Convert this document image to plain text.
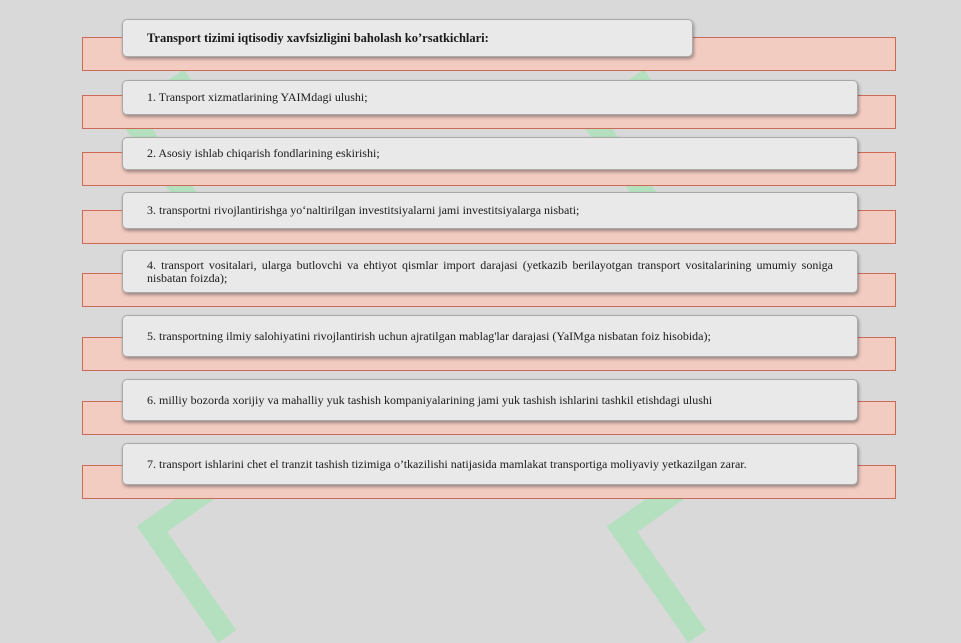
Transport tizimi iqtisodiy xavfsizligini baholash ko’rsatkichlari:
1. Transport xizmatlarining YAIMdagi ulushi;
2. Asosiy ishlab chiqarish fondlarining eskirishi;
3. transportni rivojlantirishga yo‘naltirilgan investitsiyalarni jami investitsiyalarga nisbati;
4. transport vositalari, ularga butlovchi va ehtiyot qismlar import darajasi (yetkazib berilayotgan transport vositalarining umumiy soniga nisbatan foizda);
5. transportning ilmiy salohiyatini rivojlantirish uchun ajratilgan mablag'lar darajasi (YaIMga nisbatan foiz hisobida);
6. milliy bozorda xorijiy va mahalliy yuk tashish kompaniyalarining jami yuk tashish ishlarini tashkil etishdagi ulushi
7. transport ishlarini chet el tranzit tashish tizimiga o’tkazilishi natijasida mamlakat transportiga moliyaviy yetkazilgan zarar.
